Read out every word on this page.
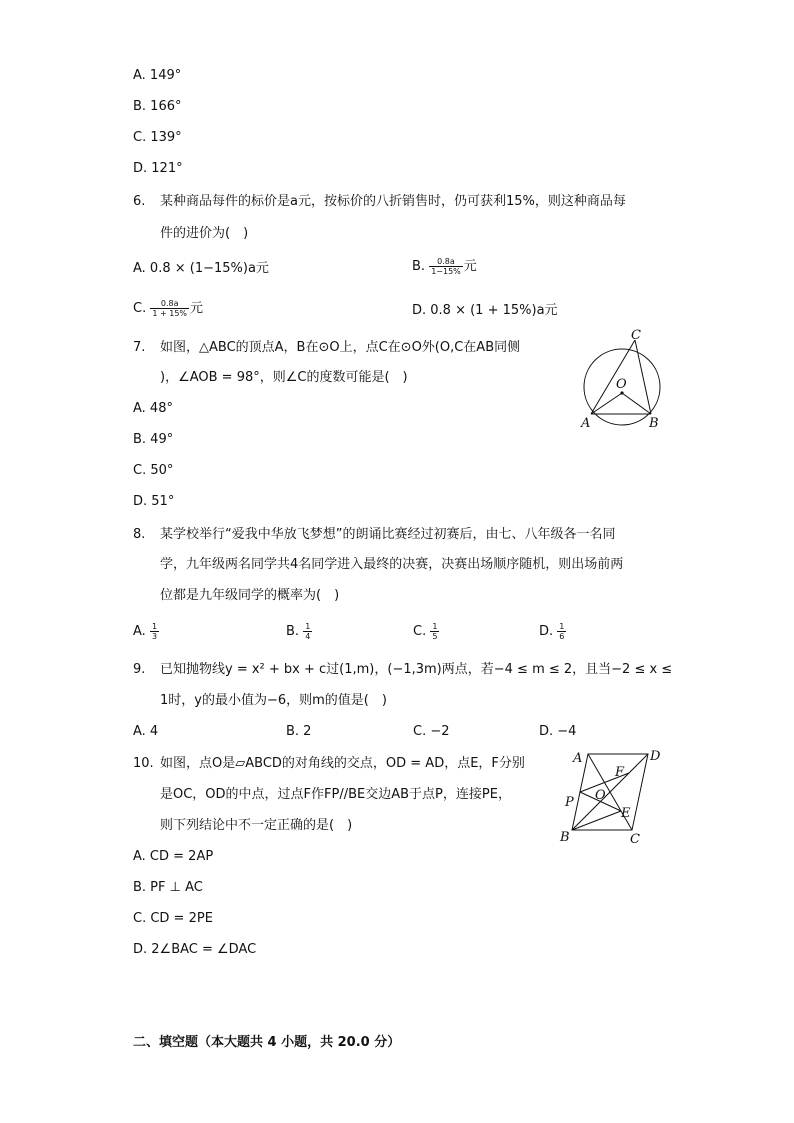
A. 149°
B. 166°
C. 139°
D. 121°
6. 某种商品每件的标价是a元，按标价的八折销售时，仍可获利15%，则这种商品每
件的进价为(　)
A. 0.8 × (1−15%)a元	B. $\frac{0.8a}{1-15\%}$ 元
C. $\frac{0.8a}{1 + 15\%}$ 元	D. 0.8 × (1 + 15%)a元
7. 如图，△ABC的顶点A，B在⊙O上，点C在⊙O外(O,C在AB同侧
)，∠AOB = 98°，则∠C的度数可能是(　)
A. 48°
B. 49°
C. 50°
D. 51°
C
O
A	B
8. 某学校举行“爱我中华放飞梦想”的朗诵比赛经过初赛后，由七、八年级各一名同
学，九年级两名同学共4名同学进入最终的决赛，决赛出场顺序随机，则出场前两
位都是九年级同学的概率为(　)
A. $\frac{1}{3}$	B. $\frac{1}{4}$	C. $\frac{1}{5}$	D. $\frac{1}{6}$
9. 已知抛物线y = x² + bx + c过(1,m)，(−1,3m)两点，若−4 ≤ m ≤ 2，且当−2 ≤ x ≤
1时，y的最小值为−6，则m的值是(　)
A. 4	B. 2	C. −2	D. −4
10. 如图，点O是▱ABCD的对角线的交点，OD = AD，点E，F分别
是OC，OD的中点，过点F作FP//BE交边AB于点P，连接PE，
则下列结论中不一定正确的是(　)
A. CD = 2AP
B. PF ⊥ AC
C. CD = 2PE
D. 2∠BAC = ∠DAC
A	D
F
O
P
E
B	C
二、填空题（本大题共 4 小题，共 20.0 分）
